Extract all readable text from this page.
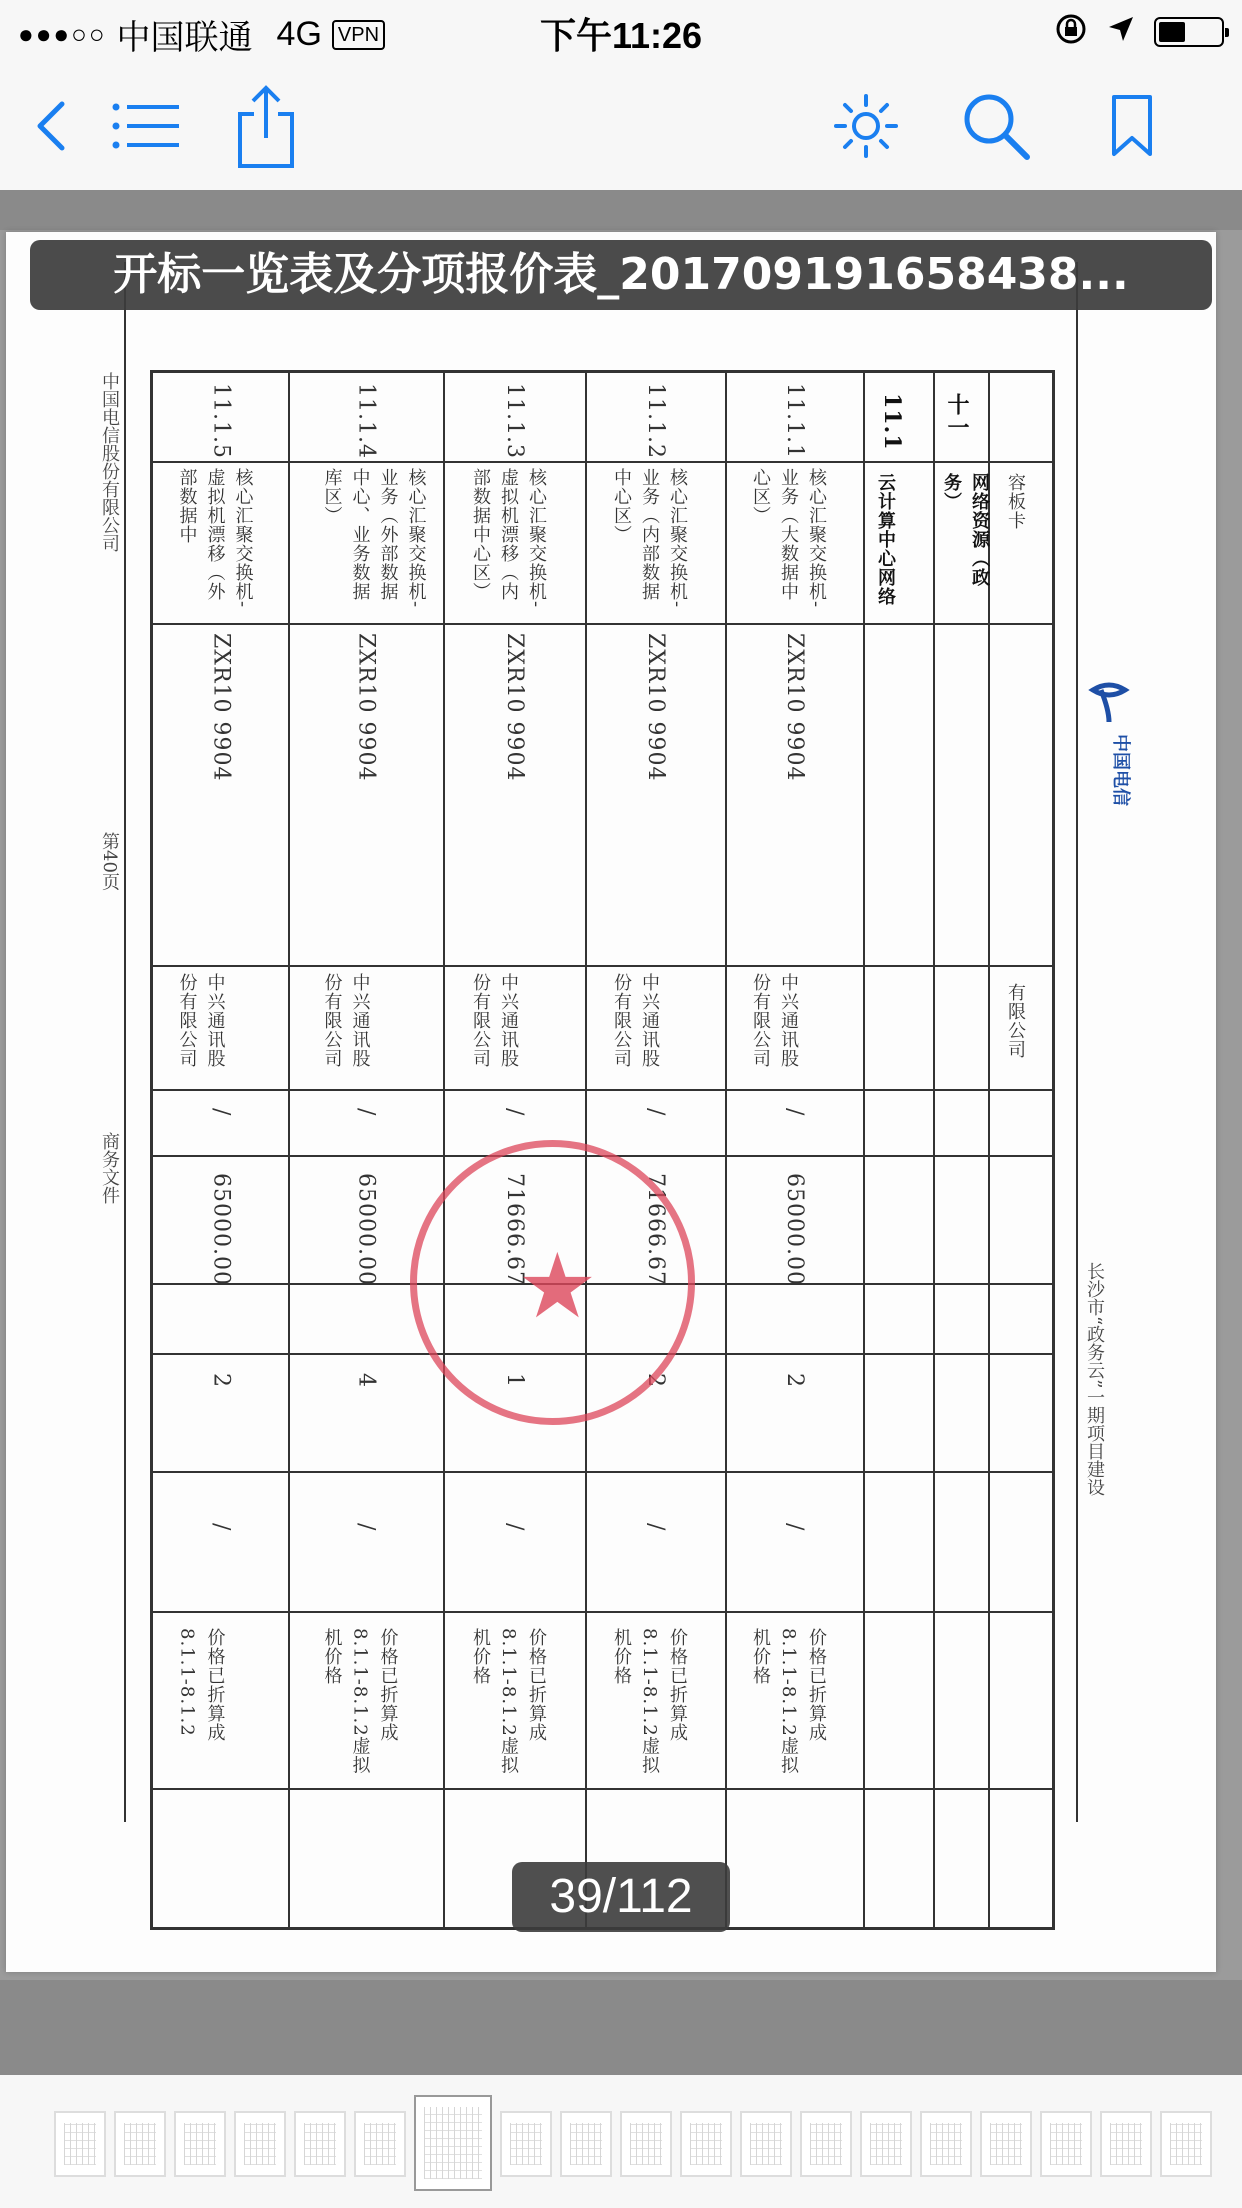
●●●○○ 中国联通 4G VPN	下午11:26
中国电信股份有限公司
第40页
商务文件
长沙市“政务云”一期项目建设
中国电信
容板卡
有限公司
十一
网络资源（政务）
11.1
云计算中心网络
11.1.1
核心汇聚交换机-业务（大数据中心区）
ZXR10 9904
中兴通讯股份有限公司
/
65000.00
2
/
价格已折算成8.1.1-8.1.2虚拟机价格
11.1.2
核心汇聚交换机-业务（内部数据中心区）
ZXR10 9904
中兴通讯股份有限公司
/
71666.67
2
/
价格已折算成8.1.1-8.1.2虚拟机价格
11.1.3
核心汇聚交换机-虚拟机漂移（内部数据中心区）
ZXR10 9904
中兴通讯股份有限公司
/
71666.67
1
/
价格已折算成8.1.1-8.1.2虚拟机价格
11.1.4
核心汇聚交换机-业务（外部数据中心、业务数据库区）
ZXR10 9904
中兴通讯股份有限公司
/
65000.00
4
/
价格已折算成8.1.1-8.1.2虚拟机价格
11.1.5
核心汇聚交换机-虚拟机漂移（外部数据中
ZXR10 9904
中兴通讯股份有限公司
/
65000.00
2
/
价格已折算成8.1.1-8.1.2
★
开标一览表及分项报价表_201709191658438...
39/112
